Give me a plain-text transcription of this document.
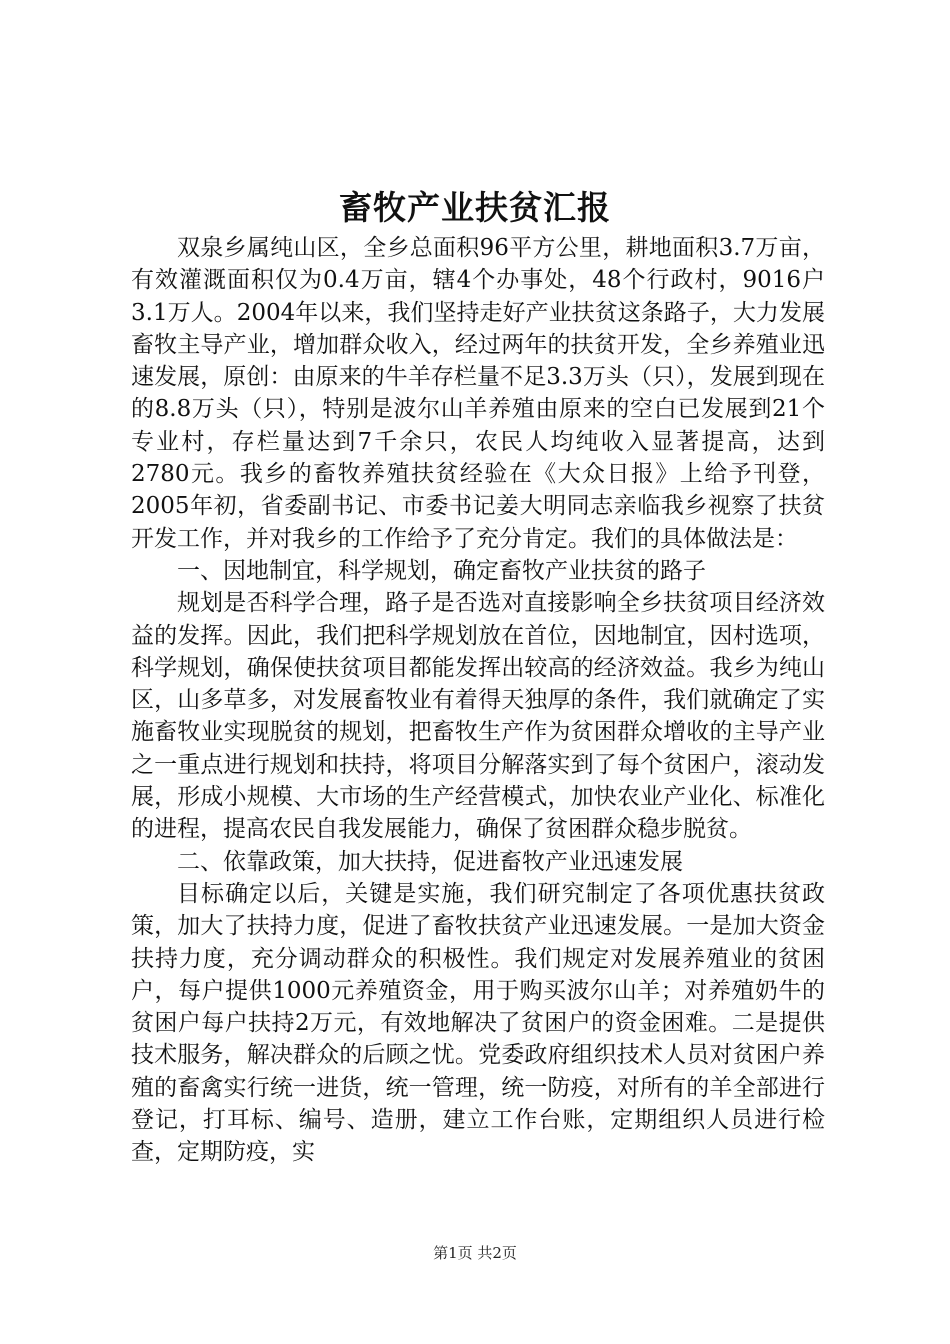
畜牧产业扶贫汇报

双泉乡属纯山区，全乡总面积96平方公里，耕地面积3.7万亩，有效灌溉面积仅为0.4万亩，辖4个办事处，48个行政村，9016户3.1万人。2004年以来，我们坚持走好产业扶贫这条路子，大力发展畜牧主导产业，增加群众收入，经过两年的扶贫开发，全乡养殖业迅速发展，原创：由原来的牛羊存栏量不足3.3万头（只），发展到现在的8.8万头（只），特别是波尔山羊养殖由原来的空白已发展到21个专业村，存栏量达到7千余只，农民人均纯收入显著提高，达到2780元。我乡的畜牧养殖扶贫经验在《大众日报》上给予刊登，2005年初，省委副书记、市委书记姜大明同志亲临我乡视察了扶贫开发工作，并对我乡的工作给予了充分肯定。我们的具体做法是：

一、因地制宜，科学规划，确定畜牧产业扶贫的路子

规划是否科学合理，路子是否选对直接影响全乡扶贫项目经济效益的发挥。因此，我们把科学规划放在首位，因地制宜，因村选项，科学规划，确保使扶贫项目都能发挥出较高的经济效益。我乡为纯山区，山多草多，对发展畜牧业有着得天独厚的条件，我们就确定了实施畜牧业实现脱贫的规划，把畜牧生产作为贫困群众增收的主导产业之一重点进行规划和扶持，将项目分解落实到了每个贫困户，滚动发展，形成小规模、大市场的生产经营模式，加快农业产业化、标准化的进程，提高农民自我发展能力，确保了贫困群众稳步脱贫。

二、依靠政策，加大扶持，促进畜牧产业迅速发展

目标确定以后，关键是实施，我们研究制定了各项优惠扶贫政策，加大了扶持力度，促进了畜牧扶贫产业迅速发展。一是加大资金扶持力度，充分调动群众的积极性。我们规定对发展养殖业的贫困户，每户提供1000元养殖资金，用于购买波尔山羊；对养殖奶牛的贫困户每户扶持2万元，有效地解决了贫困户的资金困难。二是提供技术服务，解决群众的后顾之忧。党委政府组织技术人员对贫困户养殖的畜禽实行统一进货，统一管理，统一防疫，对所有的羊全部进行登记，打耳标、编号、造册，建立工作台账，定期组织人员进行检查，定期防疫，实

第1页 共2页
